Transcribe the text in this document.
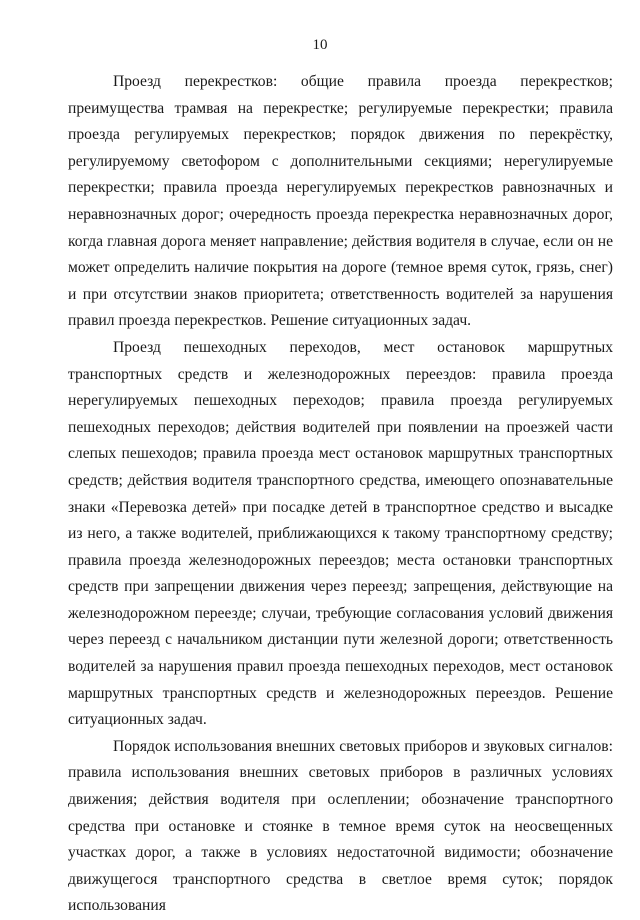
10

Проезд перекрестков: общие правила проезда перекрестков; преимущества трамвая на перекрестке; регулируемые перекрестки; правила проезда регулируемых перекрестков; порядок движения по перекрёстку, регулируемому светофором с дополнительными секциями; нерегулируемые перекрестки; правила проезда нерегулируемых перекрестков равнозначных и неравнозначных дорог; очередность проезда перекрестка неравнозначных дорог, когда главная дорога меняет направление; действия водителя в случае, если он не может определить наличие покрытия на дороге (темное время суток, грязь, снег) и при отсутствии знаков приоритета; ответственность водителей за нарушения правил проезда перекрестков. Решение ситуационных задач.

Проезд пешеходных переходов, мест остановок маршрутных транспортных средств и железнодорожных переездов: правила проезда нерегулируемых пешеходных переходов; правила проезда регулируемых пешеходных переходов; действия водителей при появлении на проезжей части слепых пешеходов; правила проезда мест остановок маршрутных транспортных средств; действия водителя транспортного средства, имеющего опознавательные знаки «Перевозка детей» при посадке детей в транспортное средство и высадке из него, а также водителей, приближающихся к такому транспортному средству; правила проезда железнодорожных переездов; места остановки транспортных средств при запрещении движения через переезд; запрещения, действующие на железнодорожном переезде; случаи, требующие согласования условий движения через переезд с начальником дистанции пути железной дороги; ответственность водителей за нарушения правил проезда пешеходных переходов, мест остановок маршрутных транспортных средств и железнодорожных переездов. Решение ситуационных задач.

Порядок использования внешних световых приборов и звуковых сигналов: правила использования внешних световых приборов в различных условиях движения; действия водителя при ослеплении; обозначение транспортного средства при остановке и стоянке в темное время суток на неосвещенных участках дорог, а также в условиях недостаточной видимости; обозначение движущегося транспортного средства в светлое время суток; порядок использования
